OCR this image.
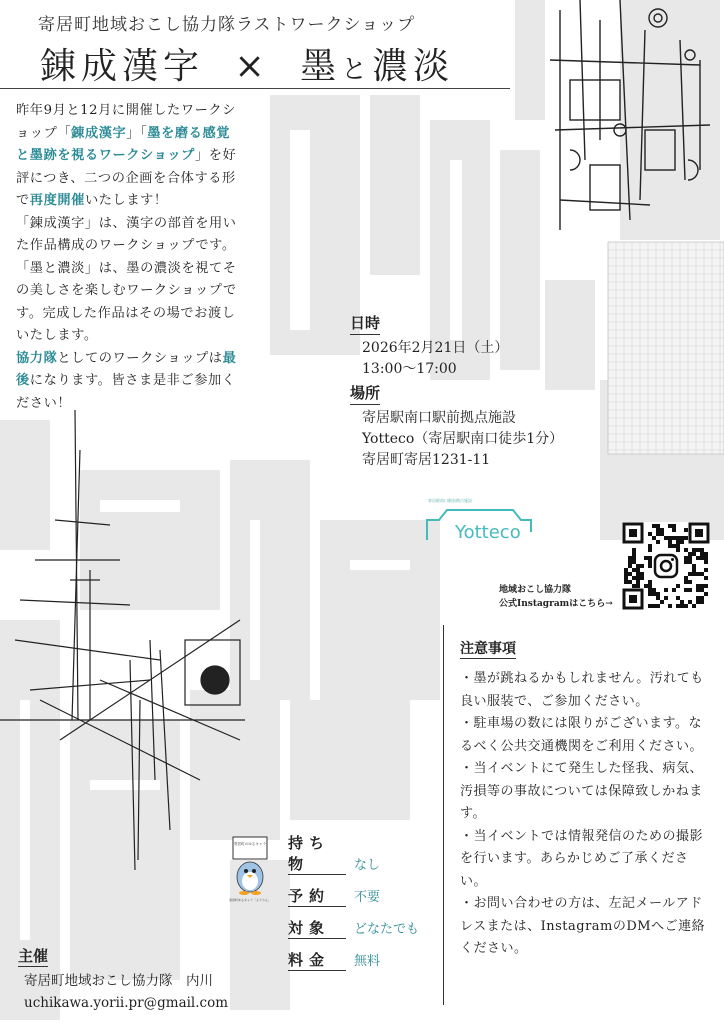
寄居町地域おこし協力隊ラストワークショップ
錬成漢字 × 墨と濃淡

昨年9月と12月に開催したワークシ

ョップ「錬成漢字」「墨を磨る感覚

と墨跡を視るワークショップ」を好

評につき、二つの企画を合体する形

で再度開催いたします！

「錬成漢字」は、漢字の部首を用い

た作品構成のワークショップです。

「墨と濃淡」は、墨の濃淡を視てそ

の美しさを楽しむワークショップで

す。完成した作品はその場でお渡し

いたします。

協力隊としてのワークショップは最

後になります。皆さま是非ご参加く

ださい！

日時
2026年2月21日（土）
13:00〜17:00
場所
寄居駅南口駅前拠点施設
Yotteco（寄居駅南口徒歩1分）
寄居町寄居1231-11
寄居駅南口駅前拠点施設
Yotteco
地域おこし協力隊
公式Instagramはこちら→
注意事項

・墨が跳ねるかもしれません。汚れても良い服装で、ご参加ください。

・駐車場の数には限りがございます。なるべく公共交通機関をご利用ください。

・当イベントにて発生した怪我、病気、汚損等の事故については保障致しかねます。

・当イベントでは情報発信のための撮影を行います。あらかじめご了承ください。

・お問い合わせの方は、左記メールアドレスまたは、InstagramのDMへご連絡ください。

寄居町のゆるキャラ
寄居町ゆるキャラ「よりりん」
持ち物	なし
予約 不要
対象 どなたでも
料金 無料
主催
寄居町地域おこし協力隊　内川
uchikawa.yorii.pr@gmail.com
